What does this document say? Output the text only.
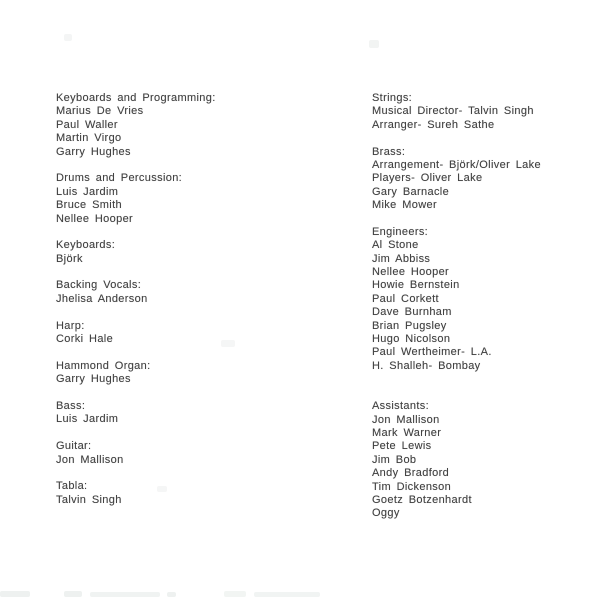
Keyboards and Programming:
Marius De Vries
Paul Waller
Martin Virgo
Garry Hughes
Drums and Percussion:
Luis Jardim
Bruce Smith
Nellee Hooper
Keyboards:
Björk
Backing Vocals:
Jhelisa Anderson
Harp:
Corki Hale
Hammond Organ:
Garry Hughes
Bass:
Luis Jardim
Guitar:
Jon Mallison
Tabla:
Talvin Singh
Strings:
Musical Director- Talvin Singh
Arranger- Sureh Sathe
Brass:
Arrangement- Björk/Oliver Lake
Players- Oliver Lake
Gary Barnacle
Mike Mower
Engineers:
Al Stone
Jim Abbiss
Nellee Hooper
Howie Bernstein
Paul Corkett
Dave Burnham
Brian Pugsley
Hugo Nicolson
Paul Wertheimer- L.A.
H. Shalleh- Bombay
Assistants:
Jon Mallison
Mark Warner
Pete Lewis
Jim Bob
Andy Bradford
Tim Dickenson
Goetz Botzenhardt
Oggy
